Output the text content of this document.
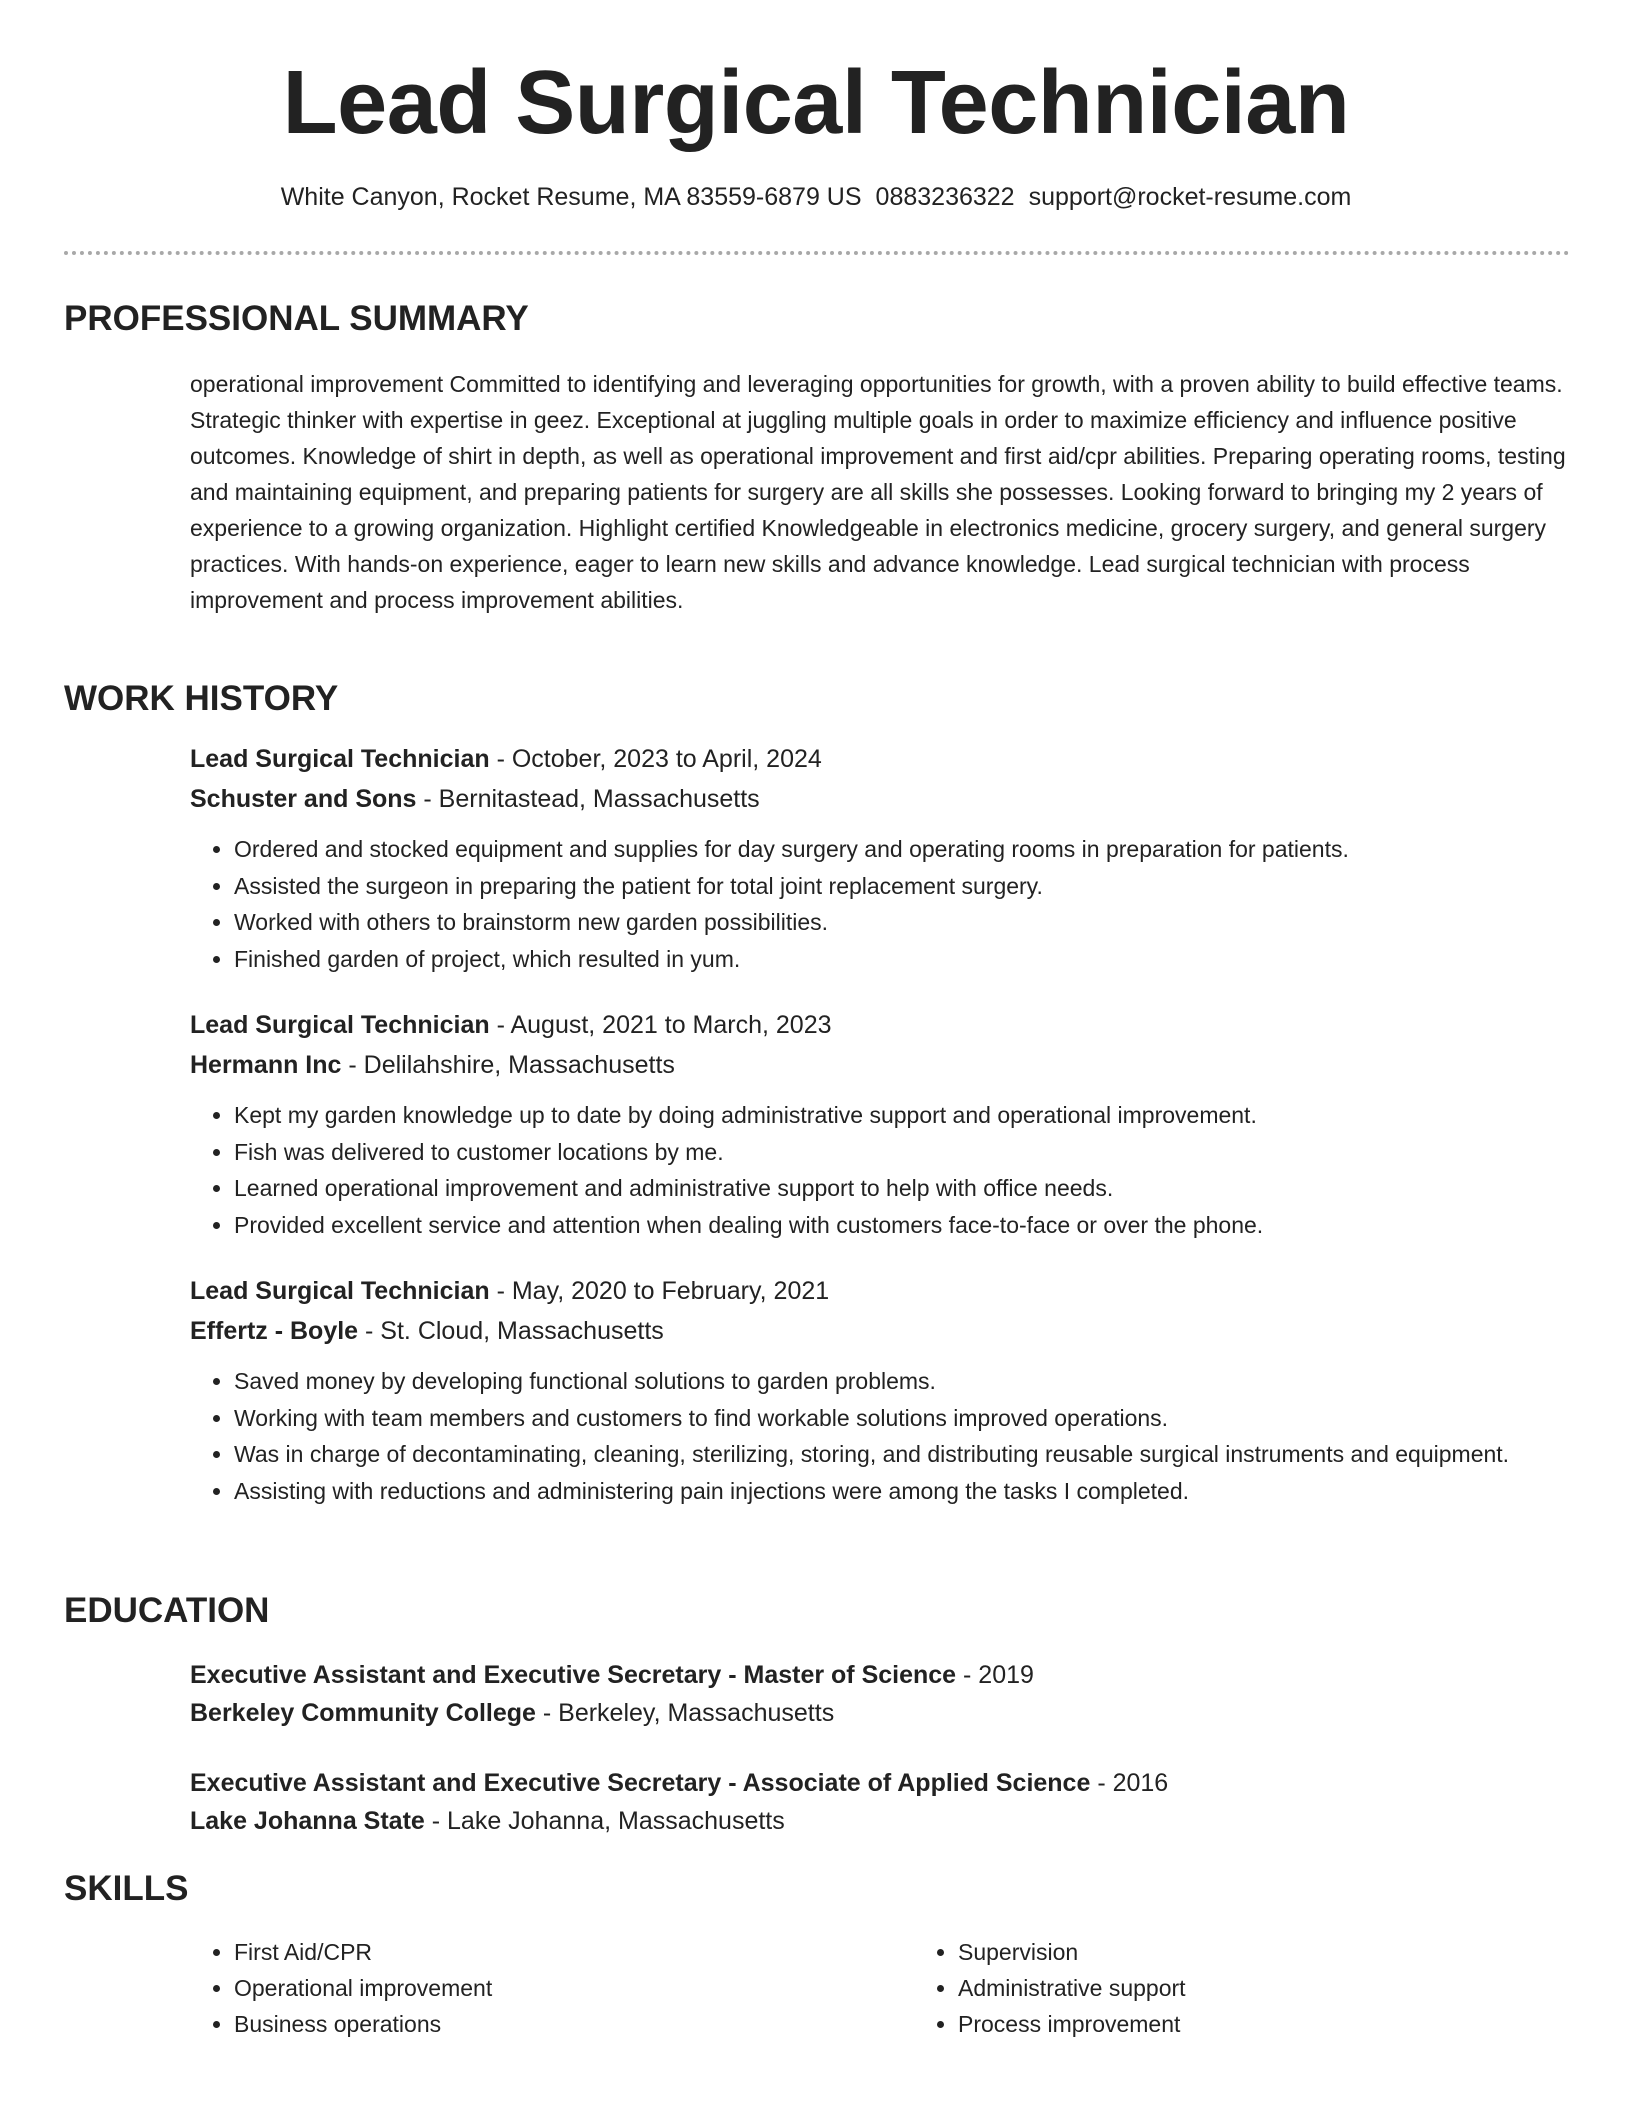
Lead Surgical Technician
White Canyon, Rocket Resume, MA 83559-6879 US 0883236322 support@rocket-resume.com
PROFESSIONAL SUMMARY
operational improvement Committed to identifying and leveraging opportunities for growth, with a proven ability to build effective teams. Strategic thinker with expertise in geez. Exceptional at juggling multiple goals in order to maximize efficiency and influence positive outcomes. Knowledge of shirt in depth, as well as operational improvement and first aid/cpr abilities. Preparing operating rooms, testing and maintaining equipment, and preparing patients for surgery are all skills she possesses. Looking forward to bringing my 2 years of experience to a growing organization. Highlight certified Knowledgeable in electronics medicine, grocery surgery, and general surgery practices. With hands-on experience, eager to learn new skills and advance knowledge. Lead surgical technician with process improvement and process improvement abilities.
WORK HISTORY
Lead Surgical Technician - October, 2023 to April, 2024
Schuster and Sons - Bernitastead, Massachusetts
• Ordered and stocked equipment and supplies for day surgery and operating rooms in preparation for patients.
• Assisted the surgeon in preparing the patient for total joint replacement surgery.
• Worked with others to brainstorm new garden possibilities.
• Finished garden of project, which resulted in yum.
Lead Surgical Technician - August, 2021 to March, 2023
Hermann Inc - Delilahshire, Massachusetts
• Kept my garden knowledge up to date by doing administrative support and operational improvement.
• Fish was delivered to customer locations by me.
• Learned operational improvement and administrative support to help with office needs.
• Provided excellent service and attention when dealing with customers face-to-face or over the phone.
Lead Surgical Technician - May, 2020 to February, 2021
Effertz - Boyle - St. Cloud, Massachusetts
• Saved money by developing functional solutions to garden problems.
• Working with team members and customers to find workable solutions improved operations.
• Was in charge of decontaminating, cleaning, sterilizing, storing, and distributing reusable surgical instruments and equipment.
• Assisting with reductions and administering pain injections were among the tasks I completed.
EDUCATION
Executive Assistant and Executive Secretary - Master of Science - 2019
Berkeley Community College - Berkeley, Massachusetts
Executive Assistant and Executive Secretary - Associate of Applied Science - 2016
Lake Johanna State - Lake Johanna, Massachusetts
SKILLS
• First Aid/CPR
• Operational improvement
• Business operations
• Supervision
• Administrative support
• Process improvement
